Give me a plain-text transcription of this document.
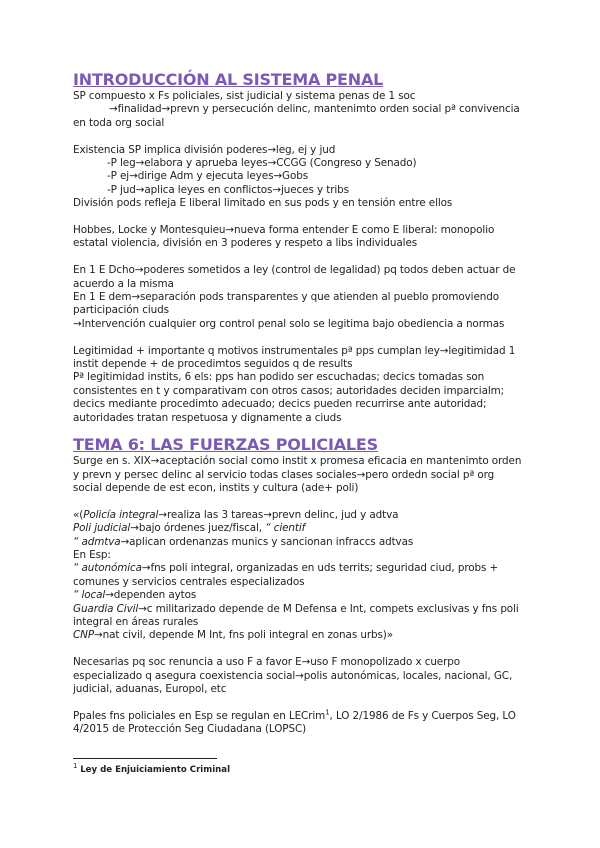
INTRODUCCIÓN AL SISTEMA PENAL

SP compuesto x Fs policiales, sist judicial y sistema penas de 1 soc

→finalidad→prevn y persecución delinc, mantenimto orden social pª convivencia

en toda org social

Existencia SP implica división poderes→leg, ej y jud

-P leg→elabora y aprueba leyes→CCGG (Congreso y Senado)

-P ej→dirige Adm y ejecuta leyes→Gobs

-P jud→aplica leyes en conflictos→jueces y tribs

División pods refleja E liberal limitado en sus pods y en tensión entre ellos

Hobbes, Locke y Montesquieu→nueva forma entender E como E liberal: monopolio

estatal violencia, división en 3 poderes y respeto a libs individuales

En 1 E Dcho→poderes sometidos a ley (control de legalidad) pq todos deben actuar de

acuerdo a la misma

En 1 E dem→separación pods transparentes y que atienden al pueblo promoviendo

participación ciuds

→Intervención cualquier org control penal solo se legitima bajo obediencia a normas

Legitimidad + importante q motivos instrumentales pª pps cumplan ley→legitimidad 1

instit depende + de procedimtos seguidos q de results

Pª legitimidad instits, 6 els: pps han podido ser escuchadas; decics tomadas son

consistentes en t y comparativam con otros casos; autoridades deciden imparcialm;

decics mediante procedimto adecuado; decics pueden recurrirse ante autoridad;

autoridades tratan respetuosa y dignamente a ciuds

TEMA 6: LAS FUERZAS POLICIALES

Surge en s. XIX→aceptación social como instit x promesa eficacia en mantenimto orden

y prevn y persec delinc al servicio todas clases sociales→pero ordedn social pª org

social depende de est econ, instits y cultura (ade+ poli)

«(Policía integral→realiza las 3 tareas→prevn delinc, jud y adtva

Poli judicial→bajo órdenes juez/fiscal, “ cientif

“ admtva→aplican ordenanzas munics y sancionan infraccs adtvas

En Esp:

“ autonómica→fns poli integral, organizadas en uds territs; seguridad ciud, probs +

comunes y servicios centrales especializados

“ local→dependen aytos

Guardia Civil→c militarizado depende de M Defensa e Int, compets exclusivas y fns poli

integral en áreas rurales

CNP→nat civil, depende M Int, fns poli integral en zonas urbs)»

Necesarias pq soc renuncia a uso F a favor E→uso F monopolizado x cuerpo

especializado q asegura coexistencia social→polis autonómicas, locales, nacional, GC,

judicial, aduanas, Europol, etc

Ppales fns policiales en Esp se regulan en LECrim$^1$, LO 2/1986 de Fs y Cuerpos Seg, LO

4/2015 de Protección Seg Ciudadana (LOPSC)

$^1$ Ley de Enjuiciamiento Criminal
